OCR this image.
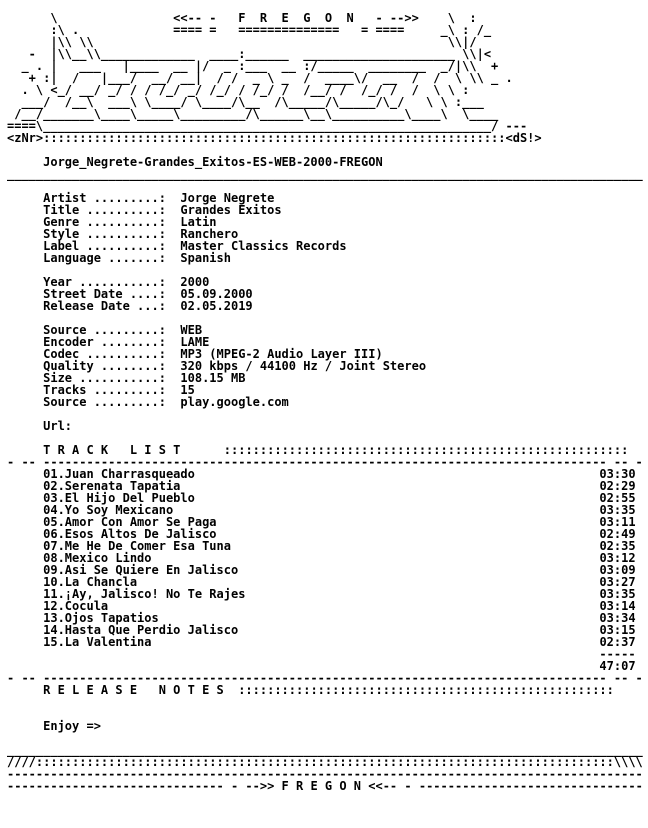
\                <<-- -   F  R  E  G  O  N   - -->>    \  :
:\ .             ==== =   ==============   = ====     _\ : /_
|\\ \\                                                 \\|/
-  |\\__\\_____________  ____:______  _____________________ \\|<
_ . |   ___   |____  __ |/  _ :___  __ :/_____  ________  _/|\\  +
+ :|  /   |___/  __/ __|  / /  _ \ _  /  ____\/  __  /  /  \ \\ _ .
. \ <_/ __/ _/ / / /_/ _/ /_/ / /_/ /  /__/ /  /_/ /  /  \ \ :
___/  /__\  ___\ \____/ \____/\__  /\_____/\_____/\_/   \ \ :___
/__/_______\____\_____\_________/\______\__\__________\____\  \____
====\______________________________________________________________/ ---
<zNr>::::::::::::::::::::::::::::::::::::::::::::::::::::::::::::::::<dS!>

Jorge_Negrete-Grandes_Exitos-ES-WEB-2000-FREGON
________________________________________________________________________________________

Artist .........:  Jorge Negrete
Title ..........:  Grandes Exitos
Genre ..........:  Latin
Style ..........:  Ranchero
Label ..........:  Master Classics Records
Language .......:  Spanish

Year ...........:  2000
Street Date ....:  05.09.2000
Release Date ...:  02.05.2019

Source .........:  WEB
Encoder ........:  LAME
Codec ..........:  MP3 (MPEG-2 Audio Layer III)
Quality ........:  320 kbps / 44100 Hz / Joint Stereo
Size ...........:  108.15 MB
Tracks .........:  15
Source .........:  play.google.com

Url:

T R A C K   L I S T	::::::::::::::::::::::::::::::::::::::::::::::::::::::::
- -- ------------------------------------------------------------------------------ -- -
01.Juan Charrasqueado	03:30
02.Serenata Tapatia	02:29
03.El Hijo Del Pueblo	02:55
04.Yo Soy Mexicano	03:35
05.Amor Con Amor Se Paga	03:11
06.Esos Altos De Jalisco	02:49
07.Me He De Comer Esa Tuna	02:35
08.Mexico Lindo	03:12
09.Asi Se Quiere En Jalisco	03:09
10.La Chancla	03:27
11.¡Ay, Jalisco! No Te Rajes	03:35
12.Cocula	03:14
13.Ojos Tapatios	03:34
14.Hasta Que Perdio Jalisco	03:15
15.La Valentina	02:37
-----
47:07
- -- ------------------------------------------------------------------------------ -- -
R E L E A S E   N O T E S ::::::::::::::::::::::::::::::::::::::::::::::::::::

Enjoy =>

________________________________________________________________________________________
////::::::::::::::::::::::::::::::::::::::::::::::::::::::::::::::::::::::::::::::::\\\\
----------------------------------------------------------------------------------------
------------------------------ - -->> F R E G O N <<-- - -------------------------------
